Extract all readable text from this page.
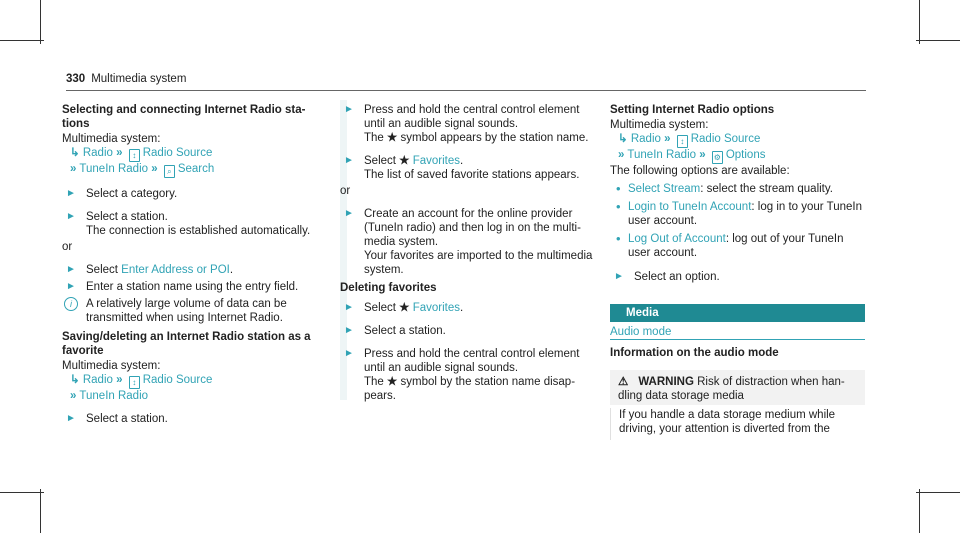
330 Multimedia system
Selecting and connecting Internet Radio sta-tions

Multimedia system:

↳ Radio » ↕ Radio Source

» TuneIn Radio » ⌕ Search

► Select a category.

► Select a station.
The connection is established automatically.

or

► Select Enter Address or POI.

► Enter a station name using the entry field.

i	A relatively large volume of data can be transmitted when using Internet Radio.

Saving/deleting an Internet Radio station as a favorite

Multimedia system:

↳ Radio » ↕ Radio Source

» TuneIn Radio

► Select a station.

► Press and hold the central control element until an audible signal sounds.
The ★ symbol appears by the station name.

► Select ★ Favorites.
The list of saved favorite stations appears.

or

► Create an account for the online provider (TuneIn radio) and then log in on the multi-media system.
Your favorites are imported to the multimedia system.

Deleting favorites

► Select ★ Favorites.

► Select a station.

► Press and hold the central control element until an audible signal sounds.
The ★ symbol by the station name disap-pears.

Setting Internet Radio options

Multimedia system:

↳ Radio » ↕ Radio Source

» TuneIn Radio » ⚙ Options

The following options are available:

• Select Stream: select the stream quality.

• Login to TuneIn Account: log in to your TuneIn user account.

• Log Out of Account: log out of your TuneIn user account.

► Select an option.

Media
Audio mode
Information on the audio mode
⚠ WARNING Risk of distraction when han-dling data storage media
If you handle a data storage medium while driving, your attention is diverted from the
